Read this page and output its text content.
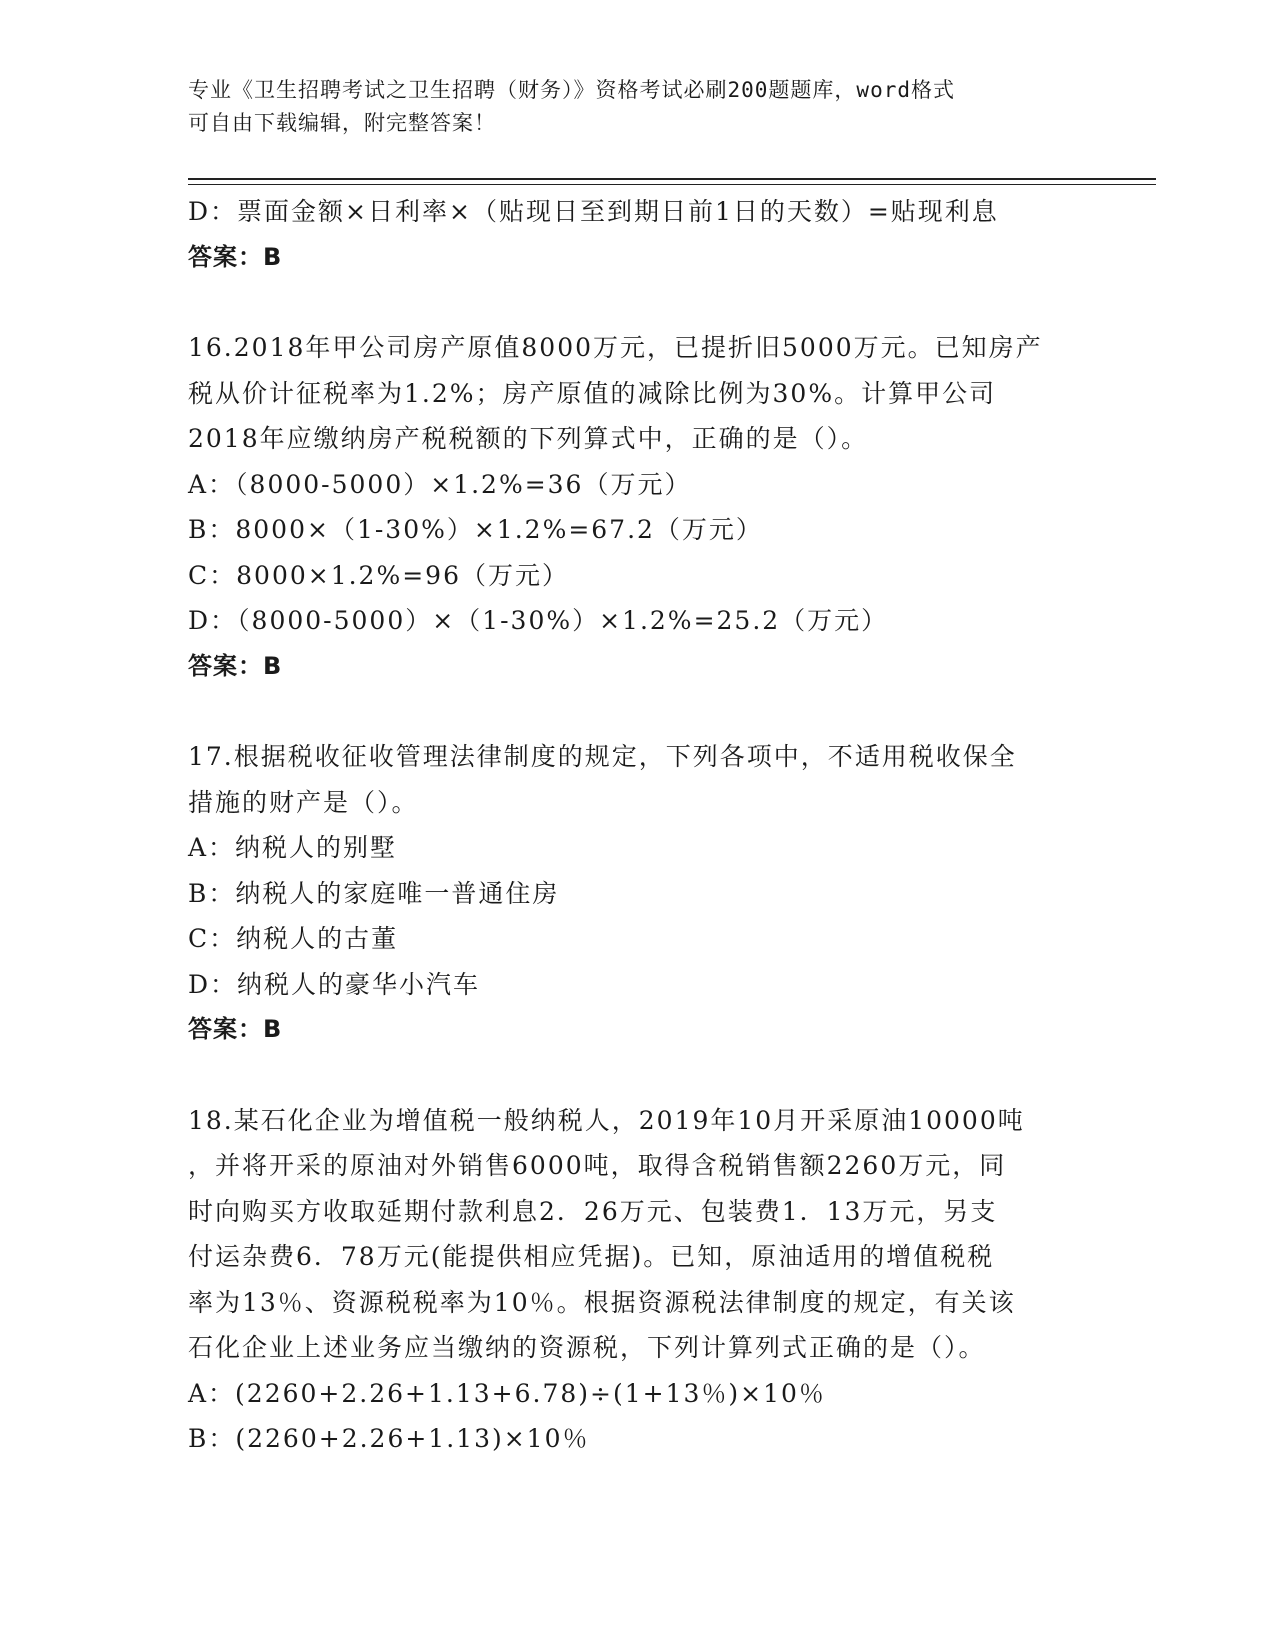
专业《卫生招聘考试之卫生招聘（财务）》资格考试必刷200题题库，word格式
可自由下载编辑，附完整答案！
D：票面金额×日利率×（贴现日至到期日前1日的天数）=贴现利息
答案：B
16.2018年甲公司房产原值8000万元，已提折旧5000万元。已知房产
税从价计征税率为1.2%；房产原值的减除比例为30%。计算甲公司
2018年应缴纳房产税税额的下列算式中，正确的是（）。
A：（8000-5000）×1.2%=36（万元）
B：8000×（1-30%）×1.2%=67.2（万元）
C：8000×1.2%=96（万元）
D：（8000-5000）×（1-30%）×1.2%=25.2（万元）
答案：B
17.根据税收征收管理法律制度的规定，下列各项中，不适用税收保全
措施的财产是（）。
A：纳税人的别墅
B：纳税人的家庭唯一普通住房
C：纳税人的古董
D：纳税人的豪华小汽车
答案：B
18.某石化企业为增值税一般纳税人，2019年10月开采原油10000吨
，并将开采的原油对外销售6000吨，取得含税销售额2260万元，同
时向购买方收取延期付款利息2．26万元、包装费1．13万元，另支
付运杂费6．78万元(能提供相应凭据)。已知，原油适用的增值税税
率为13％、资源税税率为10％。根据资源税法律制度的规定，有关该
石化企业上述业务应当缴纳的资源税，下列计算列式正确的是（）。
A：(2260+2.26+1.13+6.78)÷(1+13％)×10％
B：(2260+2.26+1.13)×10％
